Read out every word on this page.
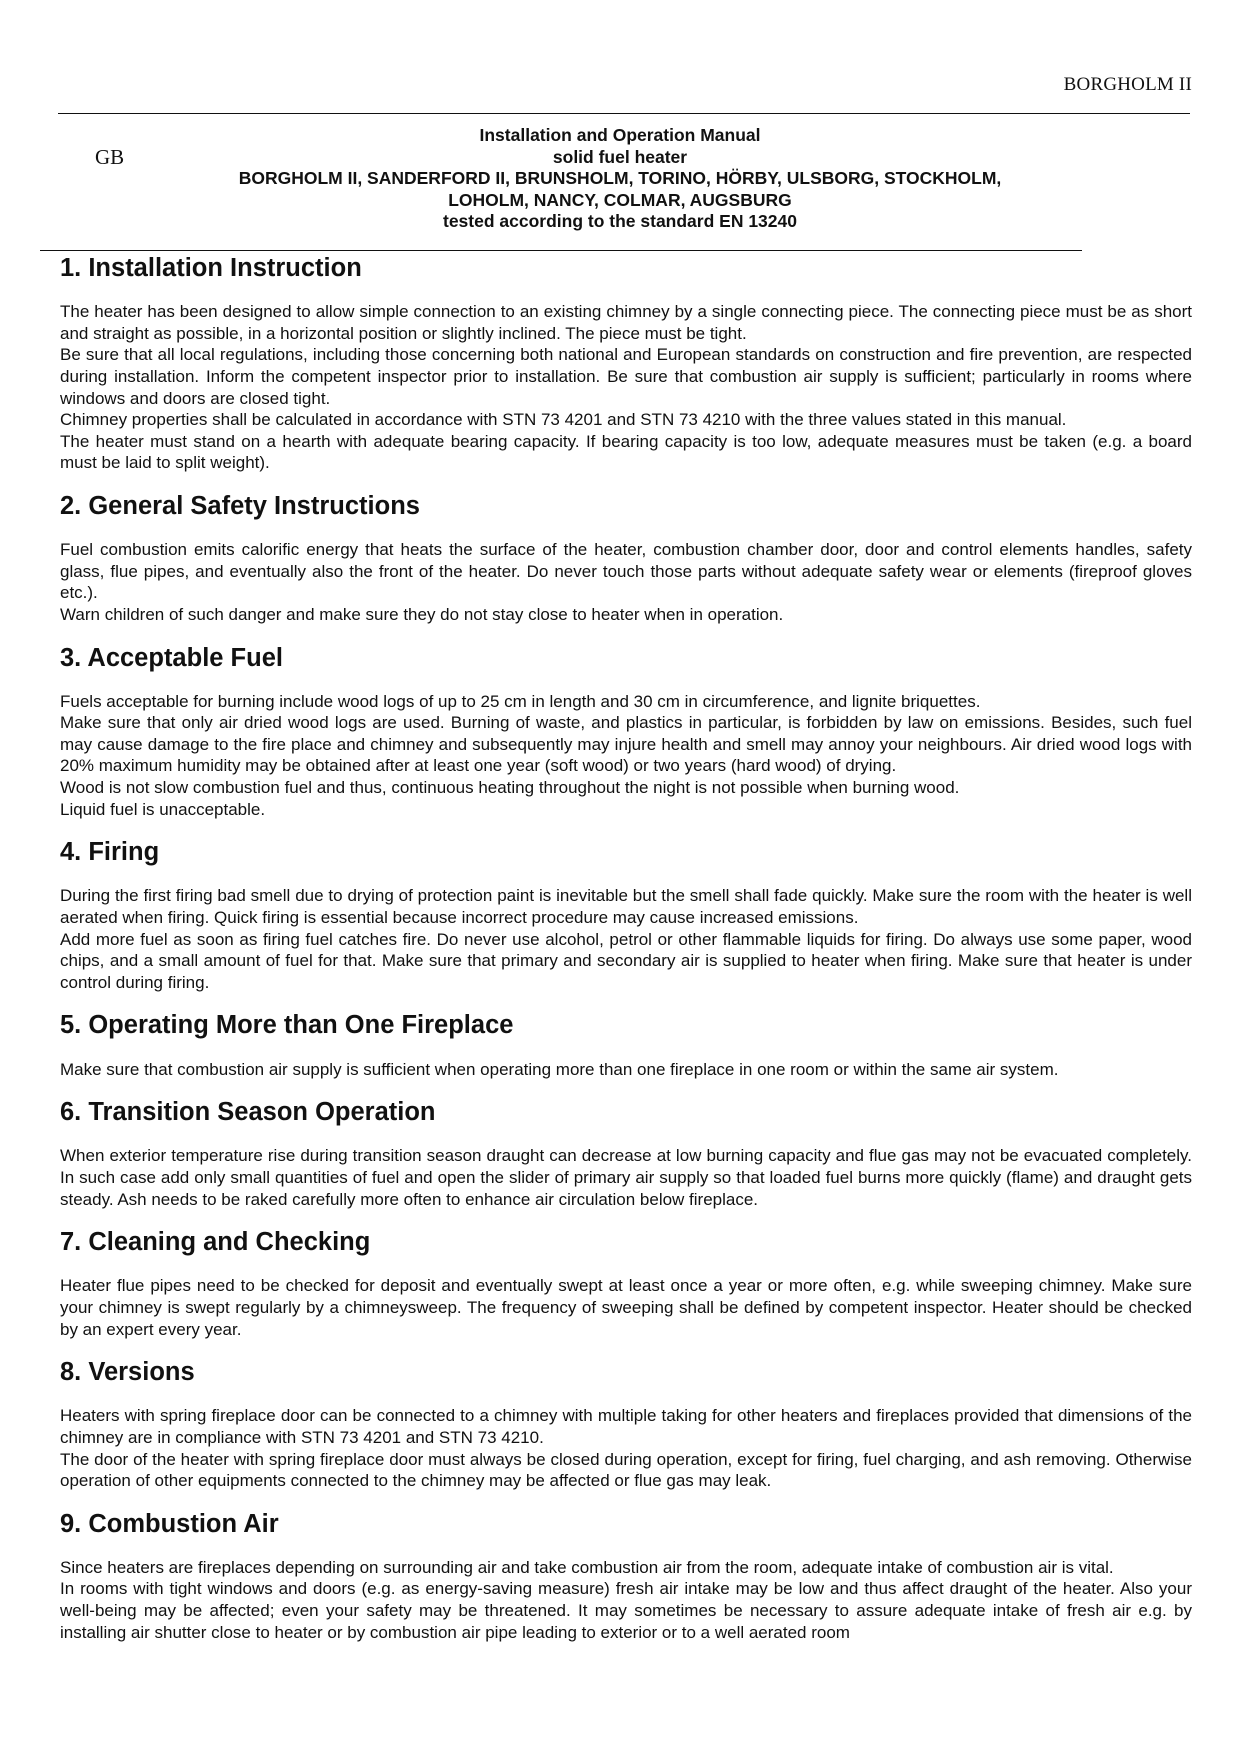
BORGHOLM II
GB
Installation and Operation Manual
solid fuel heater
BORGHOLM II, SANDERFORD II, BRUNSHOLM, TORINO, HÖRBY, ULSBORG, STOCKHOLM,
LOHOLM, NANCY, COLMAR, AUGSBURG
tested according to the standard EN 13240
1. Installation Instruction

The heater has been designed to allow simple connection to an existing chimney by a single connecting piece. The connecting piece must be as short and straight as possible, in a horizontal position or slightly inclined. The piece must be tight.

Be sure that all local regulations, including those concerning both national and European standards on construction and fire prevention, are respected during installation. Inform the competent inspector prior to installation. Be sure that combustion air supply is sufficient; particularly in rooms where windows and doors are closed tight.

Chimney properties shall be calculated in accordance with STN 73 4201 and STN 73 4210 with the three values stated in this manual.

The heater must stand on a hearth with adequate bearing capacity. If bearing capacity is too low, adequate measures must be taken (e.g. a board must be laid to split weight).

2. General Safety Instructions

Fuel combustion emits calorific energy that heats the surface of the heater, combustion chamber door, door and control elements handles, safety glass, flue pipes, and eventually also the front of the heater. Do never touch those parts without adequate safety wear or elements (fireproof gloves etc.).

Warn children of such danger and make sure they do not stay close to heater when in operation.

3. Acceptable Fuel

Fuels acceptable for burning include wood logs of up to 25 cm in length and 30 cm in circumference, and lignite briquettes.

Make sure that only air dried wood logs are used. Burning of waste, and plastics in particular, is forbidden by law on emissions. Besides, such fuel may cause damage to the fire place and chimney and subsequently may injure health and smell may annoy your neighbours. Air dried wood logs with 20% maximum humidity may be obtained after at least one year (soft wood) or two years (hard wood) of drying.

Wood is not slow combustion fuel and thus, continuous heating throughout the night is not possible when burning wood.

Liquid fuel is unacceptable.

4. Firing

During the first firing bad smell due to drying of protection paint is inevitable but the smell shall fade quickly. Make sure the room with the heater is well aerated when firing. Quick firing is essential because incorrect procedure may cause increased emissions.

Add more fuel as soon as firing fuel catches fire. Do never use alcohol, petrol or other flammable liquids for firing. Do always use some paper, wood chips, and a small amount of fuel for that. Make sure that primary and secondary air is supplied to heater when firing. Make sure that heater is under control during firing.

5. Operating More than One Fireplace

Make sure that combustion air supply is sufficient when operating more than one fireplace in one room or within the same air system.

6. Transition Season Operation

When exterior temperature rise during transition season draught can decrease at low burning capacity and flue gas may not be evacuated completely. In such case add only small quantities of fuel and open the slider of primary air supply so that loaded fuel burns more quickly (flame) and draught gets steady. Ash needs to be raked carefully more often to enhance air circulation below fireplace.

7. Cleaning and Checking

Heater flue pipes need to be checked for deposit and eventually swept at least once a year or more often, e.g. while sweeping chimney. Make sure your chimney is swept regularly by a chimneysweep. The frequency of sweeping shall be defined by competent inspector. Heater should be checked by an expert every year.

8. Versions

Heaters with spring fireplace door can be connected to a chimney with multiple taking for other heaters and fireplaces provided that dimensions of the chimney are in compliance with STN 73 4201 and STN 73 4210.

The door of the heater with spring fireplace door must always be closed during operation, except for firing, fuel charging, and ash removing. Otherwise operation of other equipments connected to the chimney may be affected or flue gas may leak.

9. Combustion Air

Since heaters are fireplaces depending on surrounding air and take combustion air from the room, adequate intake of combustion air is vital.

In rooms with tight windows and doors (e.g. as energy-saving measure) fresh air intake may be low and thus affect draught of the heater. Also your well-being may be affected; even your safety may be threatened. It may sometimes be necessary to assure adequate intake of fresh air e.g. by installing air shutter close to heater or by combustion air pipe leading to exterior or to a well aerated room
